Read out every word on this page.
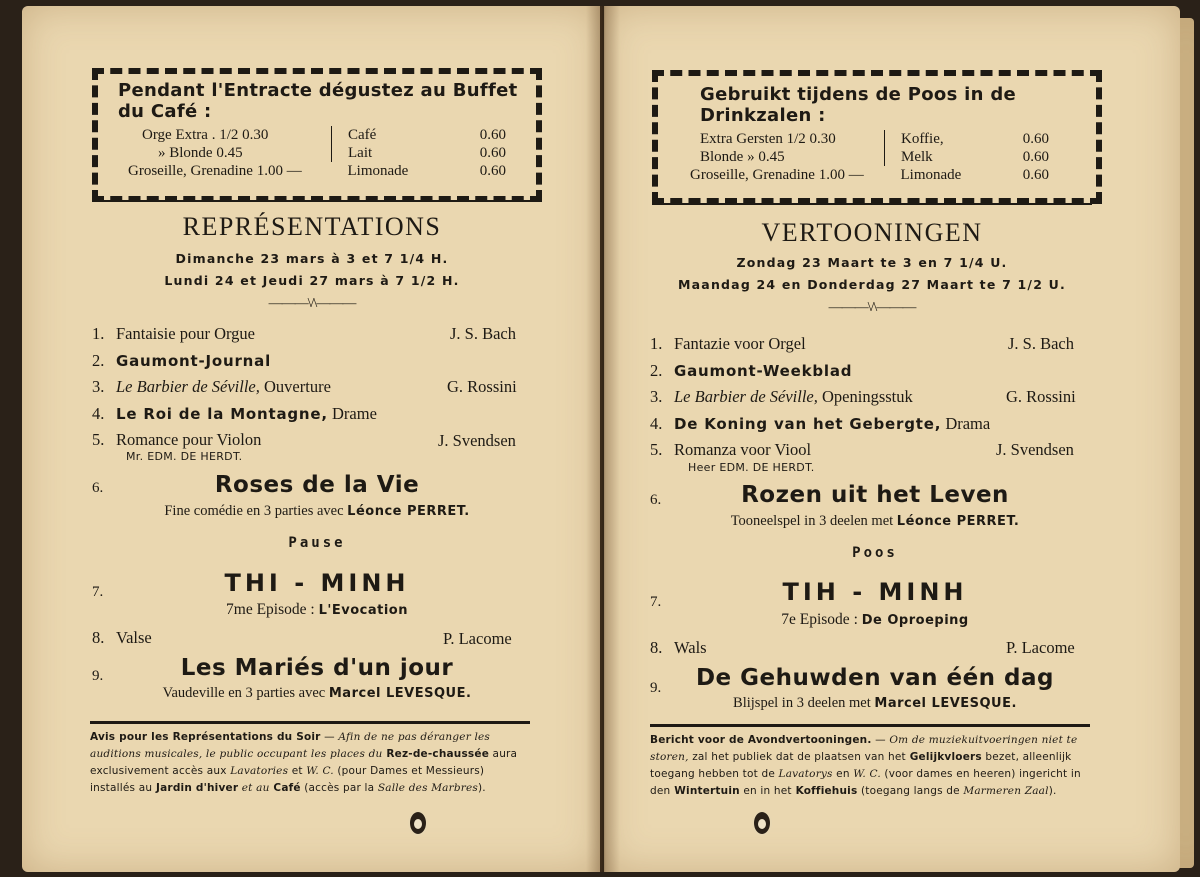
Pendant l'Entracte dégustez au Buffet du Café :
Orge Extra . 1/2 0.30	Café	0.60
» Blonde 0.45	Lait	0.60
Groseille, Grenadine 1.00 —	Limonade	0.60
REPRÉSENTATIONS
Dimanche 23 mars à 3 et 7 1/4 H.
Lundi 24 et Jeudi 27 mars à 7 1/2 H.
———\/\———
1. Fantaisie pour Orgue	J. S. Bach
2. Gaumont-Journal
3. Le Barbier de Séville, Ouverture	G. Rossini
4. Le Roi de la Montagne, Drame
5. Romance pour Violon	J. Svendsen
Mr. EDM. DE HERDT.
6.	Roses de la Vie
Fine comédie en 3 parties avec Léonce PERRET.
Pause
7.	THI - MINH
7me Episode : L'Evocation
8. Valse	P. Lacome
9.	Les Mariés d'un jour
Vaudeville en 3 parties avec Marcel LEVESQUE.
Avis pour les Représentations du Soir — Afin de ne pas déranger les auditions musicales, le public occupant les places du Rez-de-chaussée aura exclusivement accès aux Lavatories et W. C. (pour Dames et Messieurs) installés au Jardin d'hiver et au Café (accès par la Salle des Marbres).
Gebruikt tijdens de Poos in de Drinkzalen :
Extra Gersten 1/2 0.30	Koffie,	0.60
Blonde » 0.45	Melk	0.60
Groseille, Grenadine 1.00 —	Limonade	0.60
VERTOONINGEN
Zondag 23 Maart te 3 en 7 1/4 U.
Maandag 24 en Donderdag 27 Maart te 7 1/2 U.
———\/\———
1. Fantazie voor Orgel	J. S. Bach
2. Gaumont-Weekblad
3. Le Barbier de Séville, Openingsstuk	G. Rossini
4. De Koning van het Gebergte, Drama
5. Romanza voor Viool	J. Svendsen
Heer EDM. DE HERDT.
6.	Rozen uit het Leven
Tooneelspel in 3 deelen met Léonce PERRET.
Poos
7.	TIH - MINH
7e Episode : De Oproeping
8. Wals	P. Lacome
9.	De Gehuwden van één dag
Blijspel in 3 deelen met Marcel LEVESQUE.
Bericht voor de Avondvertooningen. — Om de muziekuitvoeringen niet te storen, zal het publiek dat de plaatsen van het Gelijkvloers bezet, alleenlijk toegang hebben tot de Lavatorys en W. C. (voor dames en heeren) ingericht in den Wintertuin en in het Koffiehuis (toegang langs de Marmeren Zaal).
